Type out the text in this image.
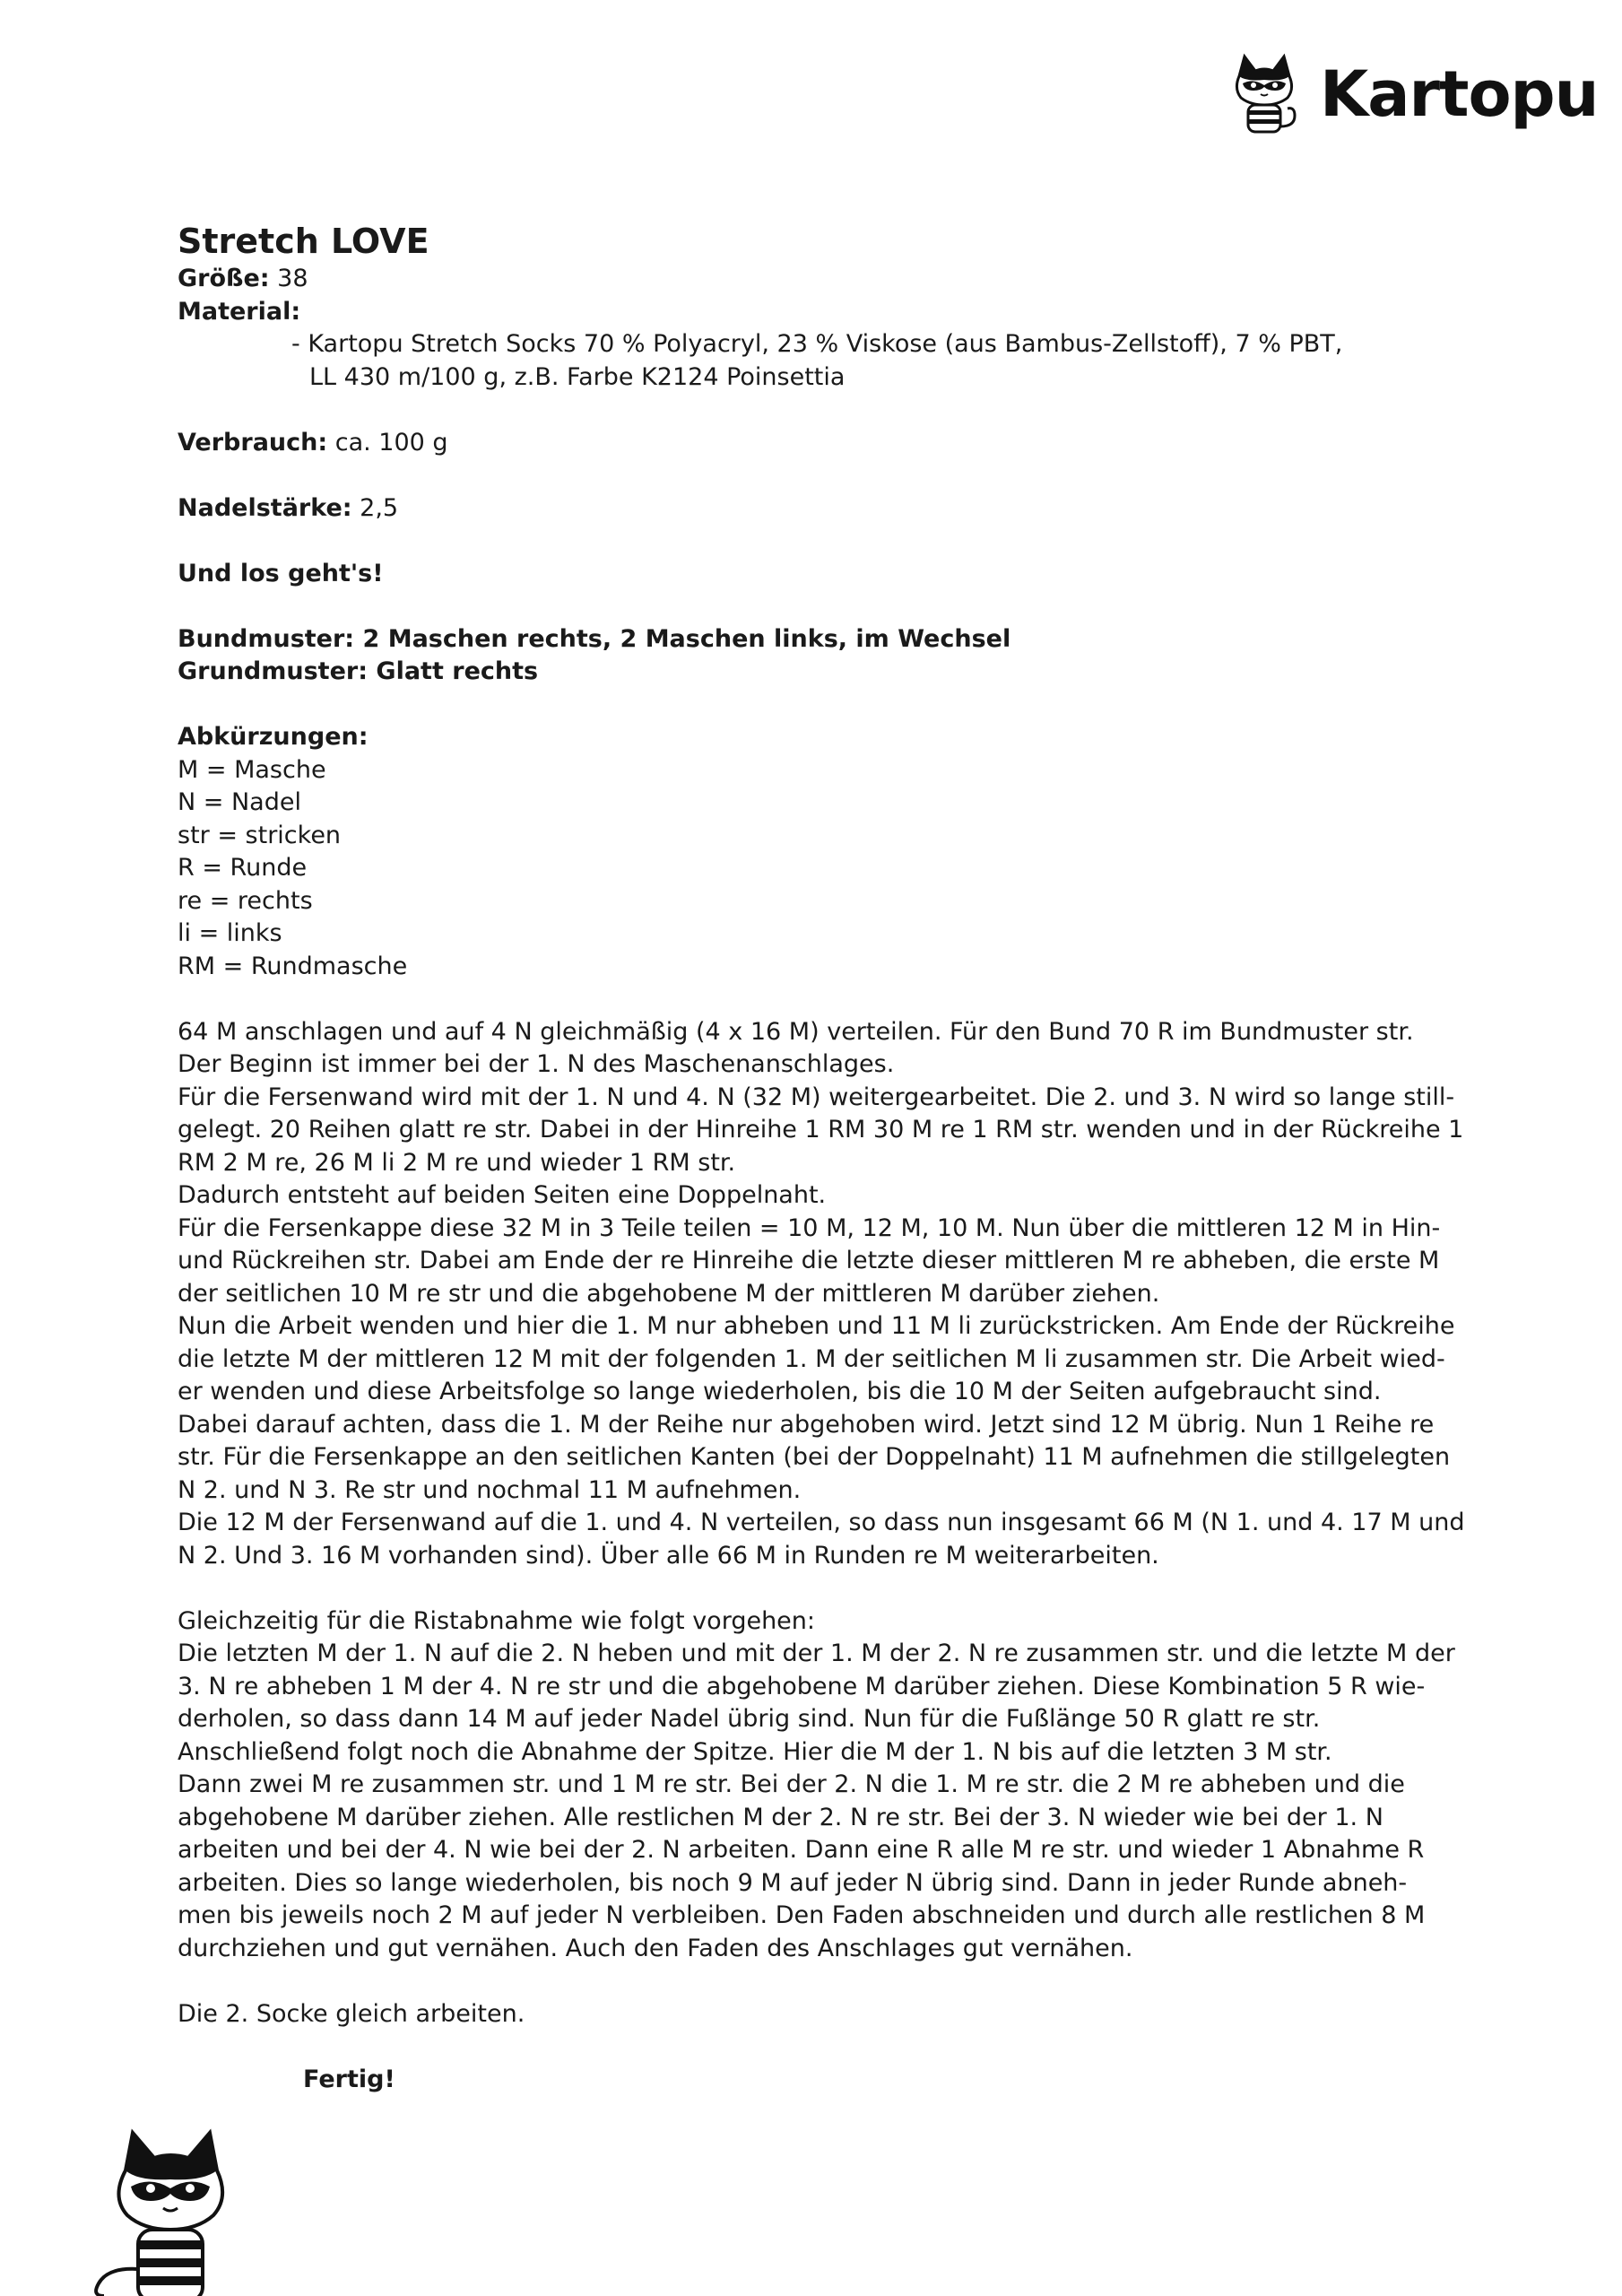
Kartopu

Stretch LOVE

Größe: 38

Material:

- Kartopu Stretch Socks 70 % Polyacryl, 23 % Viskose (aus Bambus-Zellstoff), 7 % PBT,

LL 430 m/100 g, z.B. Farbe K2124 Poinsettia

Verbrauch: ca. 100 g

Nadelstärke: 2,5

Und los geht's!

Bundmuster: 2 Maschen rechts, 2 Maschen links, im Wechsel

Grundmuster: Glatt rechts

Abkürzungen:

M = Masche

N = Nadel

str = stricken

R = Runde

re = rechts

li = links

RM = Rundmasche

64 M anschlagen und auf 4 N gleichmäßig (4 x 16 M) verteilen. Für den Bund 70 R im Bundmuster str.

Der Beginn ist immer bei der 1. N des Maschenanschlages.

Für die Fersenwand wird mit der 1. N und 4. N (32 M) weitergearbeitet. Die 2. und 3. N wird so lange still-

gelegt. 20 Reihen glatt re str. Dabei in der Hinreihe 1 RM 30 M re 1 RM str. wenden und in der Rückreihe 1

RM 2 M re, 26 M li 2 M re und wieder 1 RM str.

Dadurch entsteht auf beiden Seiten eine Doppelnaht.

Für die Fersenkappe diese 32 M in 3 Teile teilen = 10 M, 12 M, 10 M. Nun über die mittleren 12 M in Hin-

und Rückreihen str. Dabei am Ende der re Hinreihe die letzte dieser mittleren M re abheben, die erste M

der seitlichen 10 M re str und die abgehobene M der mittleren M darüber ziehen.

Nun die Arbeit wenden und hier die 1. M nur abheben und 11 M li zurückstricken. Am Ende der Rückreihe

die letzte M der mittleren 12 M mit der folgenden 1. M der seitlichen M li zusammen str. Die Arbeit wied-

er wenden und diese Arbeitsfolge so lange wiederholen, bis die 10 M der Seiten aufgebraucht sind.

Dabei darauf achten, dass die 1. M der Reihe nur abgehoben wird. Jetzt sind 12 M übrig. Nun 1 Reihe re

str. Für die Fersenkappe an den seitlichen Kanten (bei der Doppelnaht) 11 M aufnehmen die stillgelegten

N 2. und N 3. Re str und nochmal 11 M aufnehmen.

Die 12 M der Fersenwand auf die 1. und 4. N verteilen, so dass nun insgesamt 66 M (N 1. und 4. 17 M und

N 2. Und 3. 16 M vorhanden sind). Über alle 66 M in Runden re M weiterarbeiten.

Gleichzeitig für die Ristabnahme wie folgt vorgehen:

Die letzten M der 1. N auf die 2. N heben und mit der 1. M der 2. N re zusammen str. und die letzte M der

3. N re abheben 1 M der 4. N re str und die abgehobene M darüber ziehen. Diese Kombination 5 R wie-

derholen, so dass dann 14 M auf jeder Nadel übrig sind. Nun für die Fußlänge 50 R glatt re str.

Anschließend folgt noch die Abnahme der Spitze. Hier die M der 1. N bis auf die letzten 3 M str.

Dann zwei M re zusammen str. und 1 M re str. Bei der 2. N die 1. M re str. die 2 M re abheben und die

abgehobene M darüber ziehen. Alle restlichen M der 2. N re str. Bei der 3. N wieder wie bei der 1. N

arbeiten und bei der 4. N wie bei der 2. N arbeiten. Dann eine R alle M re str. und wieder 1 Abnahme R

arbeiten. Dies so lange wiederholen, bis noch 9 M auf jeder N übrig sind. Dann in jeder Runde abneh-

men bis jeweils noch 2 M auf jeder N verbleiben. Den Faden abschneiden und durch alle restlichen 8 M

durchziehen und gut vernähen. Auch den Faden des Anschlages gut vernähen.

Die 2. Socke gleich arbeiten.

Fertig!
